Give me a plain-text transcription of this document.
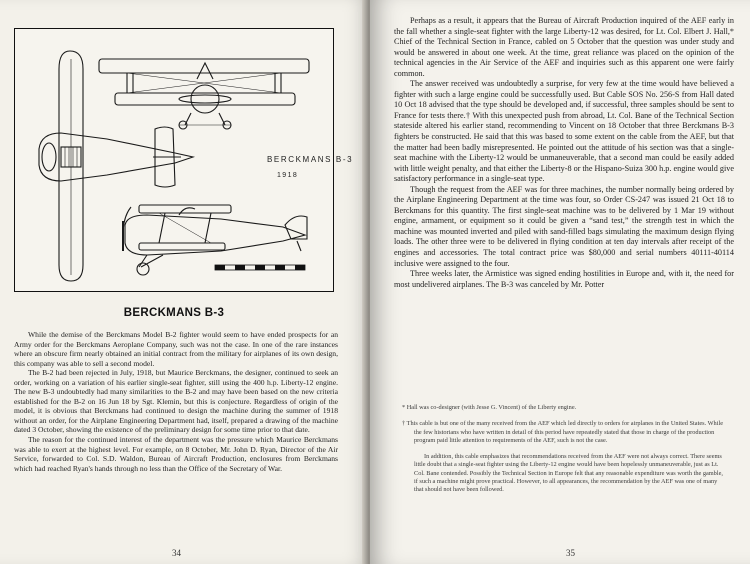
BERCKMANS B-3
1918
BERCKMANS B-3

While the demise of the Berckmans Model B-2 fighter would seem to have ended prospects for an Army order for the Berckmans Aeroplane Company, such was not the case. In one of the rare instances where an obscure firm nearly obtained an initial contract from the military for airplanes of its own design, this company was able to sell a second model.

The B-2 had been rejected in July, 1918, but Maurice Berckmans, the designer, continued to seek an order, working on a variation of his earlier single-seat fighter, still using the 400 h.p. Liberty-12 engine. The new B-3 undoubtedly had many similarities to the B-2 and may have been based on the new criteria established for the B-2 on 16 Jun 18 by Sgt. Klemin, but this is conjecture. Regardless of origin of the model, it is obvious that Berckmans had continued to design the machine during the summer of 1918 without an order, for the Airplane Engineering Department had, itself, prepared a drawing of the machine dated 3 October, showing the existence of the preliminary design for some time prior to that date.

The reason for the continued interest of the department was the pressure which Maurice Berckmans was able to exert at the highest level. For example, on 8 October, Mr. John D. Ryan, Director of the Air Service, forwarded to Col. S.D. Waldon, Bureau of Aircraft Production, enclosures from Berckmans which had reached Ryan's hands through no less than the Office of the Secretary of War.

34

Perhaps as a result, it appears that the Bureau of Aircraft Production inquired of the AEF early in the fall whether a single-seat fighter with the large Liberty-12 was desired, for Lt. Col. Elbert J. Hall,* Chief of the Technical Section in France, cabled on 5 October that the question was under study and would be answered in about one week. At the time, great reliance was placed on the opinion of the technical agencies in the Air Service of the AEF and inquiries such as this apparent one were fairly common.

The answer received was undoubtedly a surprise, for very few at the time would have believed a fighter with such a large engine could be successfully used. But Cable SOS No. 256-S from Hall dated 10 Oct 18 advised that the type should be developed and, if successful, three samples should be sent to France for tests there.† With this unexpected push from abroad, Lt. Col. Bane of the Technical Section stateside altered his earlier stand, recommending to Vincent on 18 October that three Berckmans B-3 fighters be constructed. He said that this was based to some extent on the cable from the AEF, but that the matter had been badly misrepresented. He pointed out the attitude of his section was that a single-seat machine with the Liberty-12 would be unmaneuverable, that a second man could be easily added with little weight penalty, and that either the Liberty-8 or the Hispano-Suiza 300 h.p. engine would give satisfactory performance in a single-seat type.

Though the request from the AEF was for three machines, the number normally being ordered by the Airplane Engineering Department at the time was four, so Order CS-247 was issued 21 Oct 18 to Berckmans for this quantity. The first single-seat machine was to be delivered by 1 Mar 19 without engine, armament, or equipment so it could be given a “sand test,” the strength test in which the machine was mounted inverted and piled with sand-filled bags simulating the maximum design flying loads. The other three were to be delivered in flying condition at ten day intervals after receipt of the engines and accessories. The total contract price was $80,000 and serial numbers 40111-40114 inclusive were assigned to the four.

Three weeks later, the Armistice was signed ending hostilities in Europe and, with it, the need for most undelivered airplanes. The B-3 was canceled by Mr. Potter

* Hall was co-designer (with Jesse G. Vincent) of the Liberty engine.

† This cable is but one of the many received from the AEF which led directly to orders for airplanes in the United States. While the few historians who have written in detail of this period have repeatedly stated that those in charge of the production program paid little attention to requirements of the AEF, such is not the case.

In addition, this cable emphasizes that recommendations received from the AEF were not always correct. There seems little doubt that a single-seat fighter using the Liberty-12 engine would have been hopelessly unmaneuverable, just as Lt. Col. Bane contended. Possibly the Technical Section in Europe felt that any reasonable expenditure was worth the gamble, if such a machine might prove practical. However, to all appearances, the recommendation by the AEF was one of many that should not have been followed.

35
